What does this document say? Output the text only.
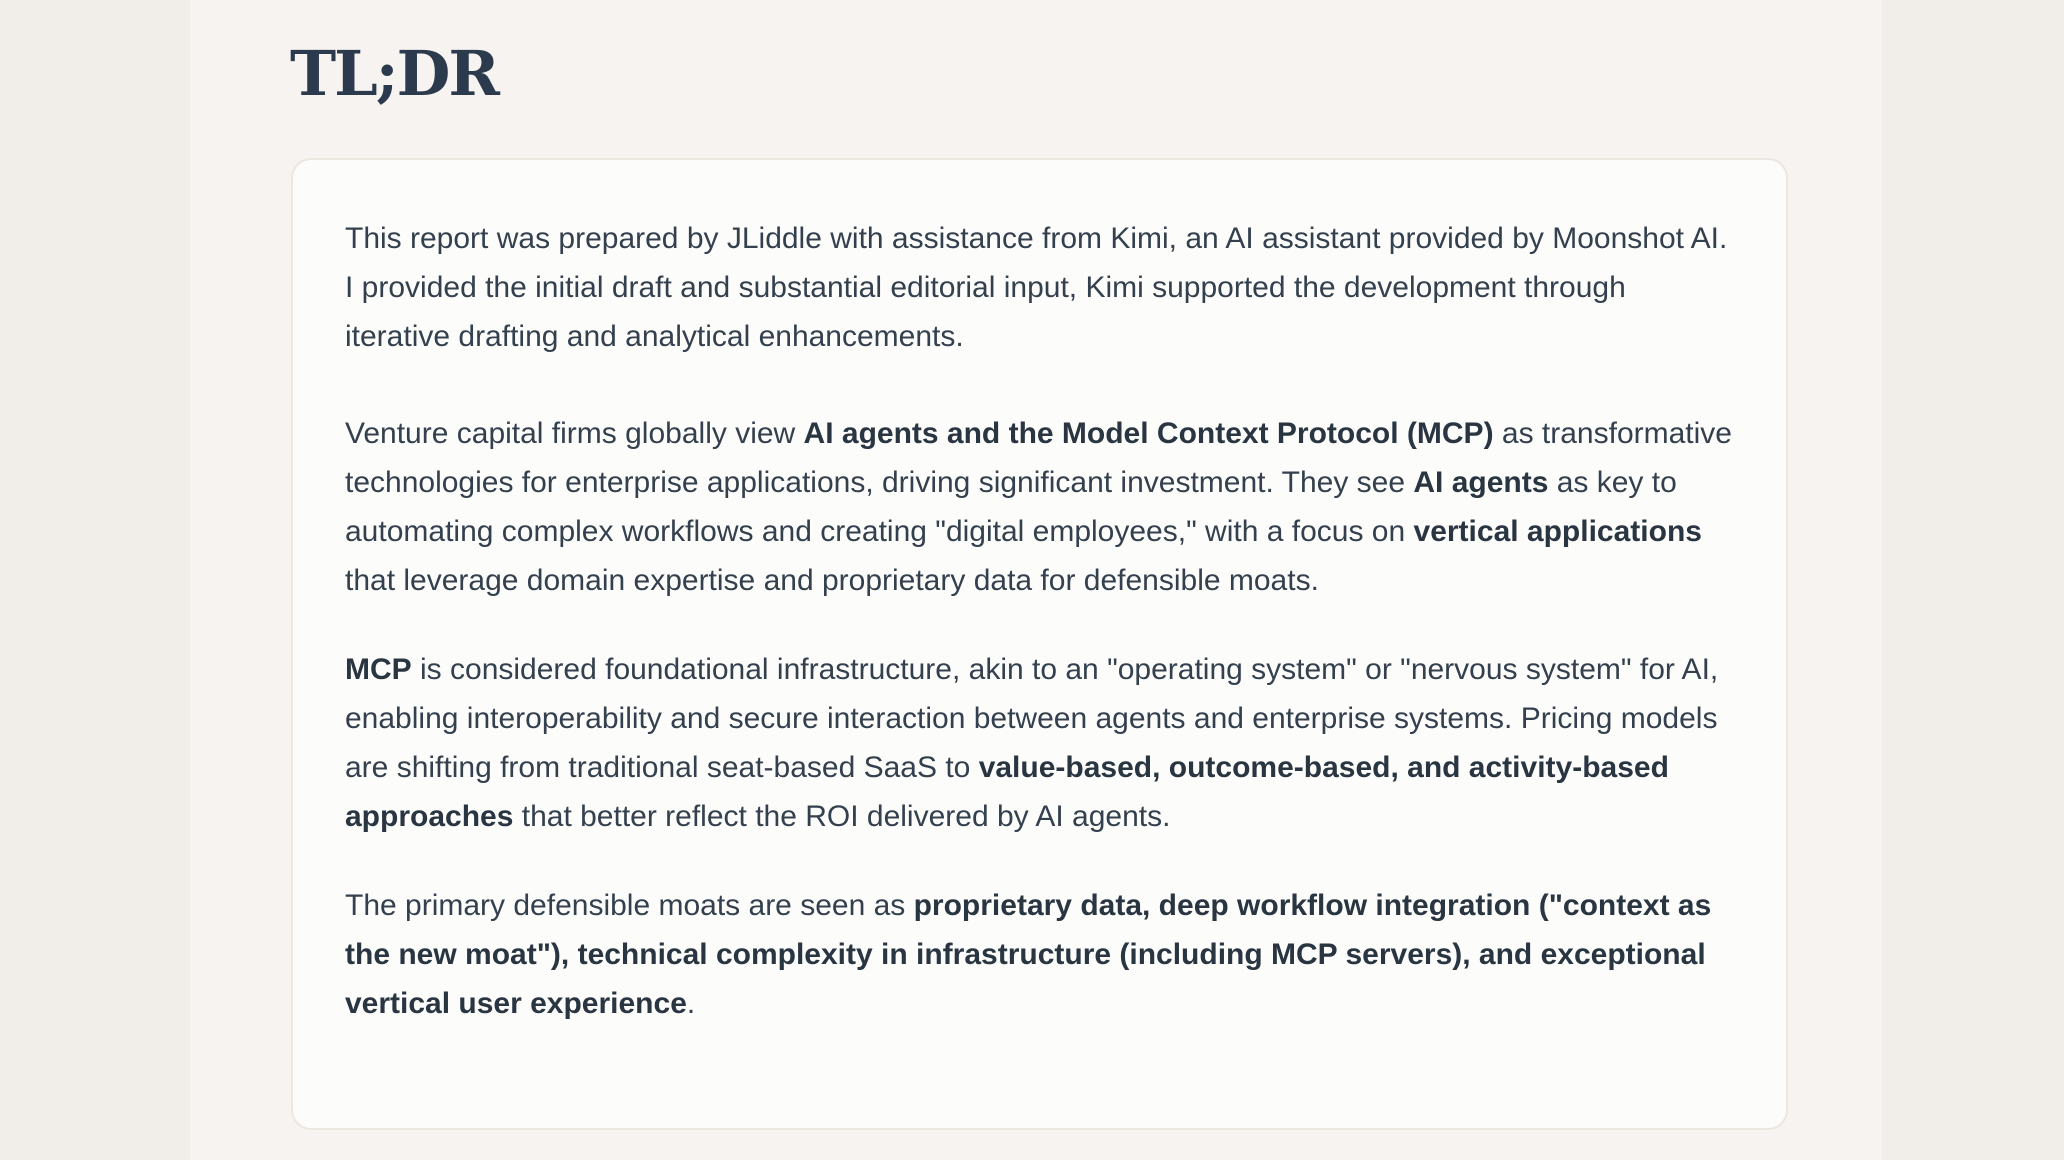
TL;DR

This report was prepared by JLiddle with assistance from Kimi, an AI assistant provided by Moonshot AI. I provided the initial draft and substantial editorial input, Kimi supported the development through iterative drafting and analytical enhancements.

Venture capital firms globally view AI agents and the Model Context Protocol (MCP) as transformative technologies for enterprise applications, driving significant investment. They see AI agents as key to automating complex workflows and creating "digital employees," with a focus on vertical applications that leverage domain expertise and proprietary data for defensible moats.

MCP is considered foundational infrastructure, akin to an "operating system" or "nervous system" for AI, enabling interoperability and secure interaction between agents and enterprise systems. Pricing models are shifting from traditional seat-based SaaS to value-based, outcome-based, and activity-based approaches that better reflect the ROI delivered by AI agents.

The primary defensible moats are seen as proprietary data, deep workflow integration ("context as the new moat"), technical complexity in infrastructure (including MCP servers), and exceptional vertical user experience.
